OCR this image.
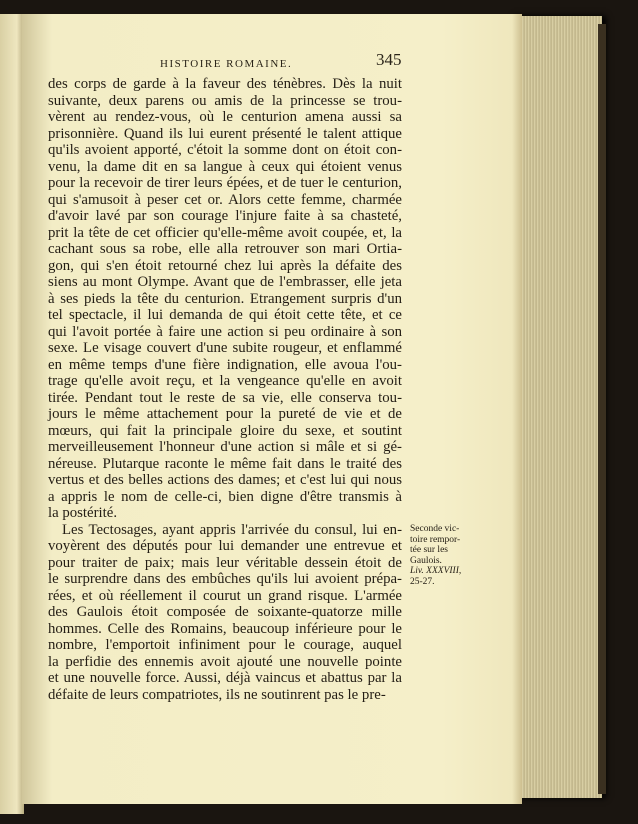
HISTOIRE ROMAINE.	345
des corps de garde à la faveur des ténèbres. Dès la nuit
suivante, deux parens ou amis de la princesse se trou-
vèrent au rendez-vous, où le centurion amena aussi sa
prisonnière. Quand ils lui eurent présenté le talent attique
qu'ils avoient apporté, c'étoit la somme dont on étoit con-
venu, la dame dit en sa langue à ceux qui étoient venus
pour la recevoir de tirer leurs épées, et de tuer le centurion,
qui s'amusoit à peser cet or. Alors cette femme, charmée
d'avoir lavé par son courage l'injure faite à sa chasteté,
prit la tête de cet officier qu'elle-même avoit coupée, et, la
cachant sous sa robe, elle alla retrouver son mari Ortia-
gon, qui s'en étoit retourné chez lui après la défaite des
siens au mont Olympe. Avant que de l'embrasser, elle jeta
à ses pieds la tête du centurion. Etrangement surpris d'un
tel spectacle, il lui demanda de qui étoit cette tête, et ce
qui l'avoit portée à faire une action si peu ordinaire à son
sexe. Le visage couvert d'une subite rougeur, et enflammé
en même temps d'une fière indignation, elle avoua l'ou-
trage qu'elle avoit reçu, et la vengeance qu'elle en avoit
tirée. Pendant tout le reste de sa vie, elle conserva tou-
jours le même attachement pour la pureté de vie et de
mœurs, qui fait la principale gloire du sexe, et soutint
merveilleusement l'honneur d'une action si mâle et si gé-
néreuse. Plutarque raconte le même fait dans le traité des
vertus et des belles actions des dames; et c'est lui qui nous
a appris le nom de celle-ci, bien digne d'être transmis à
la postérité.
Les Tectosages, ayant appris l'arrivée du consul, lui en-
voyèrent des députés pour lui demander une entrevue et
pour traiter de paix; mais leur véritable dessein étoit de
le surprendre dans des embûches qu'ils lui avoient prépa-
rées, et où réellement il courut un grand risque. L'armée
des Gaulois étoit composée de soixante-quatorze mille
hommes. Celle des Romains, beaucoup inférieure pour le
nombre, l'emportoit infiniment pour le courage, auquel
la perfidie des ennemis avoit ajouté une nouvelle pointe
et une nouvelle force. Aussi, déjà vaincus et abattus par la
défaite de leurs compatriotes, ils ne soutinrent pas le pre-
Seconde vic-
toire rempor-
tée sur les
Gaulois.
Liv. XXXVIII,
25-27.
